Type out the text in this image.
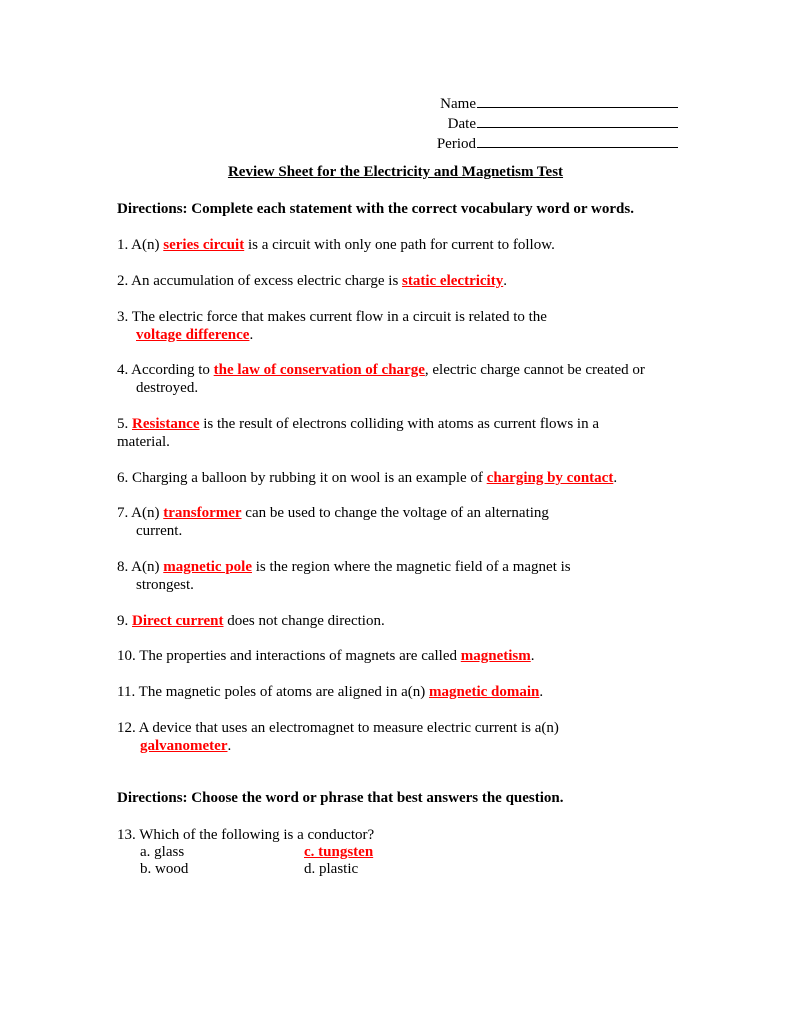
Name
Date
Period
Review Sheet for the Electricity and Magnetism Test
Directions: Complete each statement with the correct vocabulary word or words.
1. A(n) series circuit is a circuit with only one path for current to follow.
2. An accumulation of excess electric charge is static electricity.
3. The electric force that makes current flow in a circuit is related to the
voltage difference.
4. According to the law of conservation of charge, electric charge cannot be created or
destroyed.
5. Resistance is the result of electrons colliding with atoms as current flows in a
material.
6. Charging a balloon by rubbing it on wool is an example of charging by contact.
7. A(n) transformer can be used to change the voltage of an alternating
current.
8. A(n) magnetic pole is the region where the magnetic field of a magnet is
strongest.
9. Direct current does not change direction.
10. The properties and interactions of magnets are called magnetism.
11. The magnetic poles of atoms are aligned in a(n) magnetic domain.
12. A device that uses an electromagnet to measure electric current is a(n)
galvanometer.
Directions: Choose the word or phrase that best answers the question.
13. Which of the following is a conductor?
a. glass	c. tungsten
b. wood	d. plastic
